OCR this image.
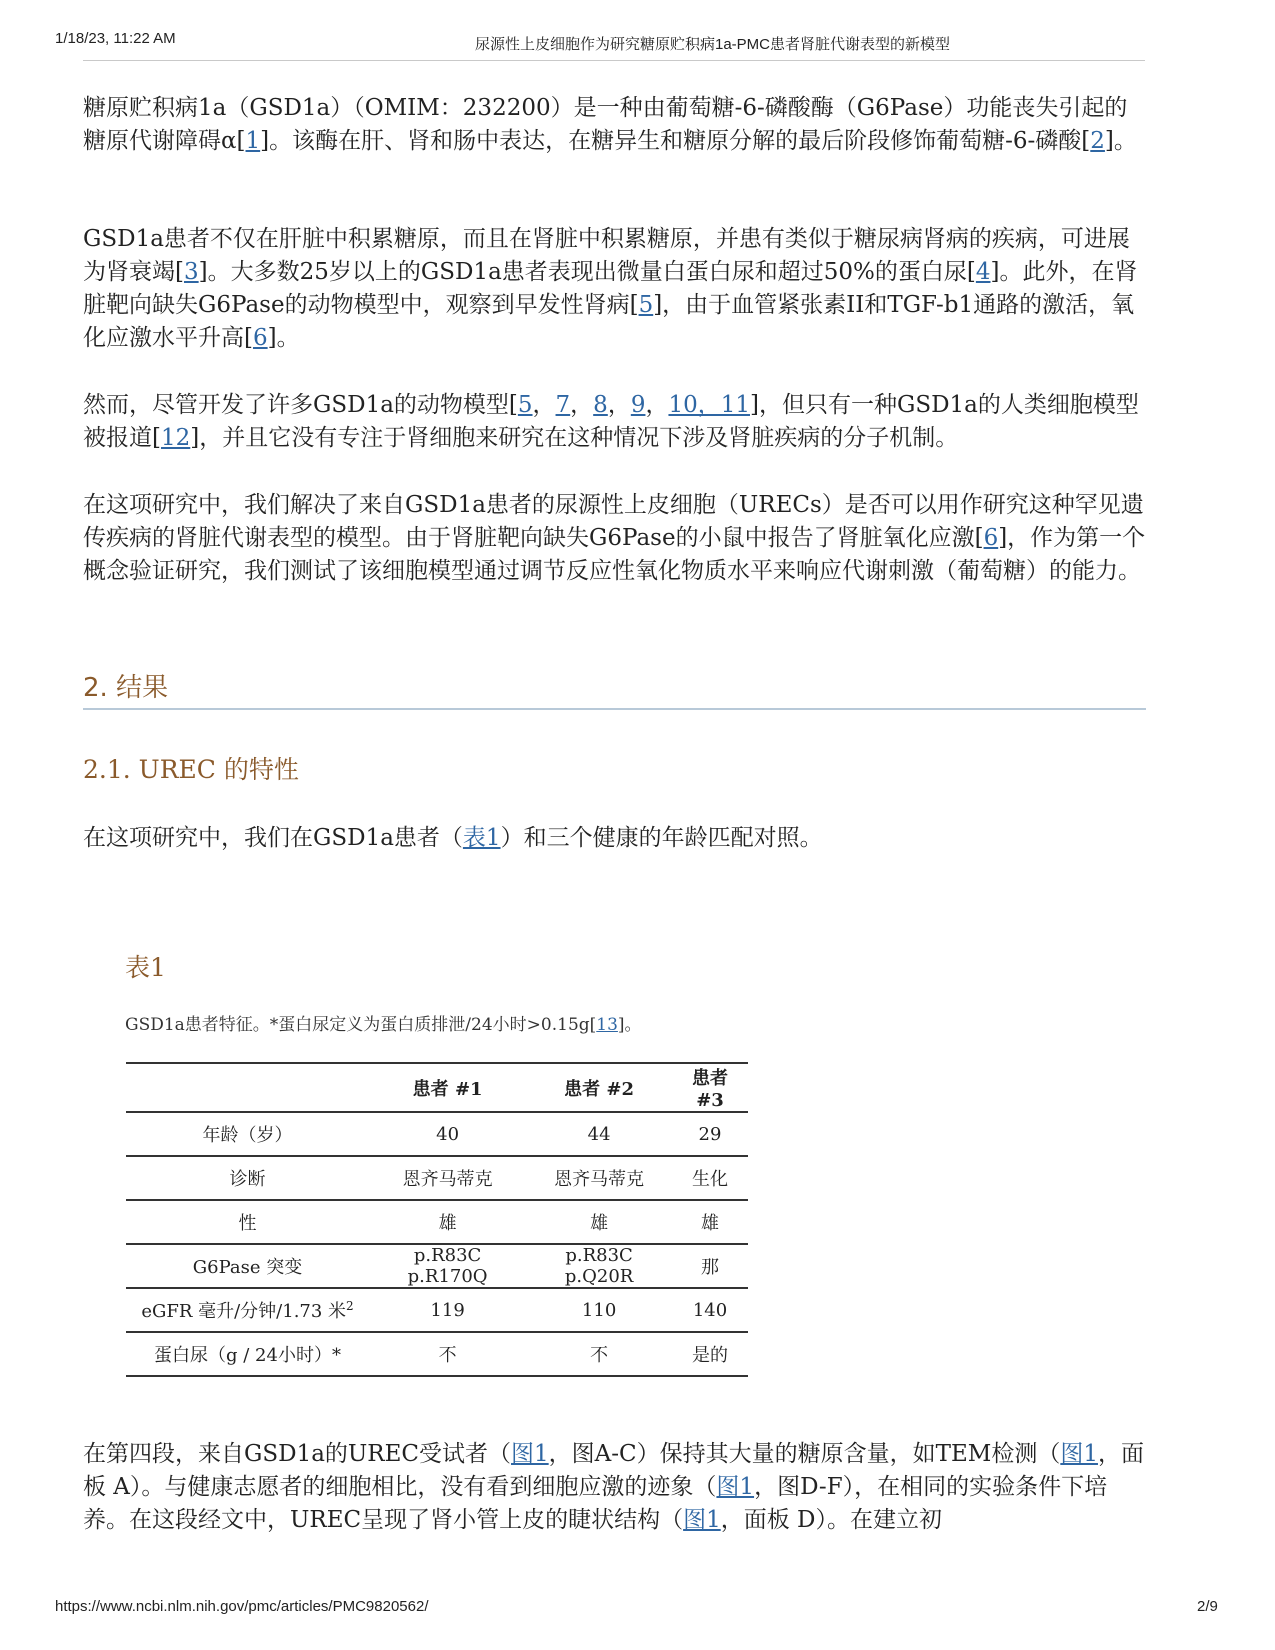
1/18/23, 11:22 AM	尿源性上皮细胞作为研究糖原贮积病1a-PMC患者肾脏代谢表型的新模型

糖原贮积病1a（GSD1a）（OMIM：232200）是一种由葡萄糖-6-磷酸酶（G6Pase）功能丧失引起的糖原代谢障碍α[1]。该酶在肝、肾和肠中表达，在糖异生和糖原分解的最后阶段修饰葡萄糖-6-磷酸[2]。

GSD1a患者不仅在肝脏中积累糖原，而且在肾脏中积累糖原，并患有类似于糖尿病肾病的疾病，可进展为肾衰竭[3]。大多数25岁以上的GSD1a患者表现出微量白蛋白尿和超过50%的蛋白尿[4]。此外，在肾脏靶向缺失G6Pase的动物模型中，观察到早发性肾病[5]，由于血管紧张素II和TGF-b1通路的激活，氧化应激水平升高[6]。

然而，尽管开发了许多GSD1a的动物模型[5，7，8，9，10，11]，但只有一种GSD1a的人类细胞模型被报道[12]，并且它没有专注于肾细胞来研究在这种情况下涉及肾脏疾病的分子机制。

在这项研究中，我们解决了来自GSD1a患者的尿源性上皮细胞（URECs）是否可以用作研究这种罕见遗传疾病的肾脏代谢表型的模型。由于肾脏靶向缺失G6Pase的小鼠中报告了肾脏氧化应激[6]，作为第一个概念验证研究，我们测试了该细胞模型通过调节反应性氧化物质水平来响应代谢刺激（葡萄糖）的能力。

2. 结果
2.1. UREC 的特性

在这项研究中，我们在GSD1a患者（表1）和三个健康的年龄匹配对照。

表1
GSD1a患者特征。*蛋白尿定义为蛋白质排泄/24小时>0.15g[13]。
	患者 #1	患者 #2	患者 #3
年龄（岁）	40	44	29
诊断	恩齐马蒂克	恩齐马蒂克	生化
性	雄	雄	雄
G6Pase 突变	p.R83C p.R170Q	p.R83C p.Q20R	那
eGFR 毫升/分钟/1.73 米$^2$	119	110	140
蛋白尿（g / 24小时）*	不	不	是的

在第四段，来自GSD1a的UREC受试者（图1，图A-C）保持其大量的糖原含量，如TEM检测（图1，面板 A）。与健康志愿者的细胞相比，没有看到细胞应激的迹象（图1，图D-F），在相同的实验条件下培养。在这段经文中，UREC呈现了肾小管上皮的睫状结构（图1，面板 D）。在建立初

https://www.ncbi.nlm.nih.gov/pmc/articles/PMC9820562/	2/9
